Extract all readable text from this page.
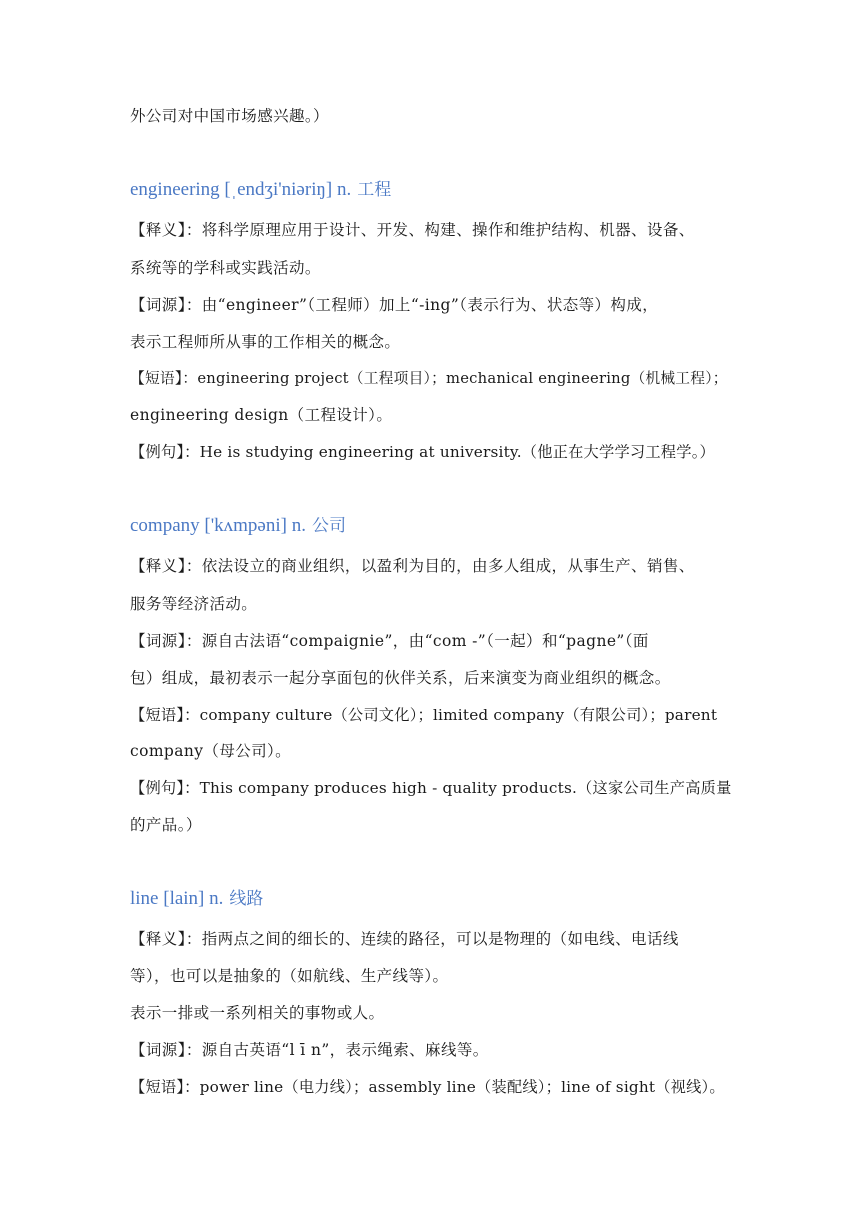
外公司对中国市场感兴趣。）
engineering [ˌendʒi'niəriŋ] n. 工程
【释义】：将科学原理应用于设计、开发、构建、操作和维护结构、机器、设备、
系统等的学科或实践活动。
【词源】：由“engineer”（工程师）加上“-ing”（表示行为、状态等）构成，
表示工程师所从事的工作相关的概念。
【短语】：engineering project（工程项目）；mechanical engineering（机械工程）；
engineering design（工程设计）。
【例句】：He is studying engineering at university.（他正在大学学习工程学。）
company ['kʌmpəni] n. 公司
【释义】：依法设立的商业组织，以盈利为目的，由多人组成，从事生产、销售、
服务等经济活动。
【词源】：源自古法语“compaignie”，由“com -”（一起）和“pagne”（面
包）组成，最初表示一起分享面包的伙伴关系，后来演变为商业组织的概念。
【短语】：company culture（公司文化）；limited company（有限公司）；parent
company（母公司）。
【例句】：This company produces high - quality products.（这家公司生产高质量
的产品。）
line [lain] n. 线路
【释义】：指两点之间的细长的、连续的路径，可以是物理的（如电线、电话线
等），也可以是抽象的（如航线、生产线等）。
表示一排或一系列相关的事物或人。
【词源】：源自古英语“l ī n”，表示绳索、麻线等。
【短语】：power line（电力线）；assembly line（装配线）；line of sight（视线）。
